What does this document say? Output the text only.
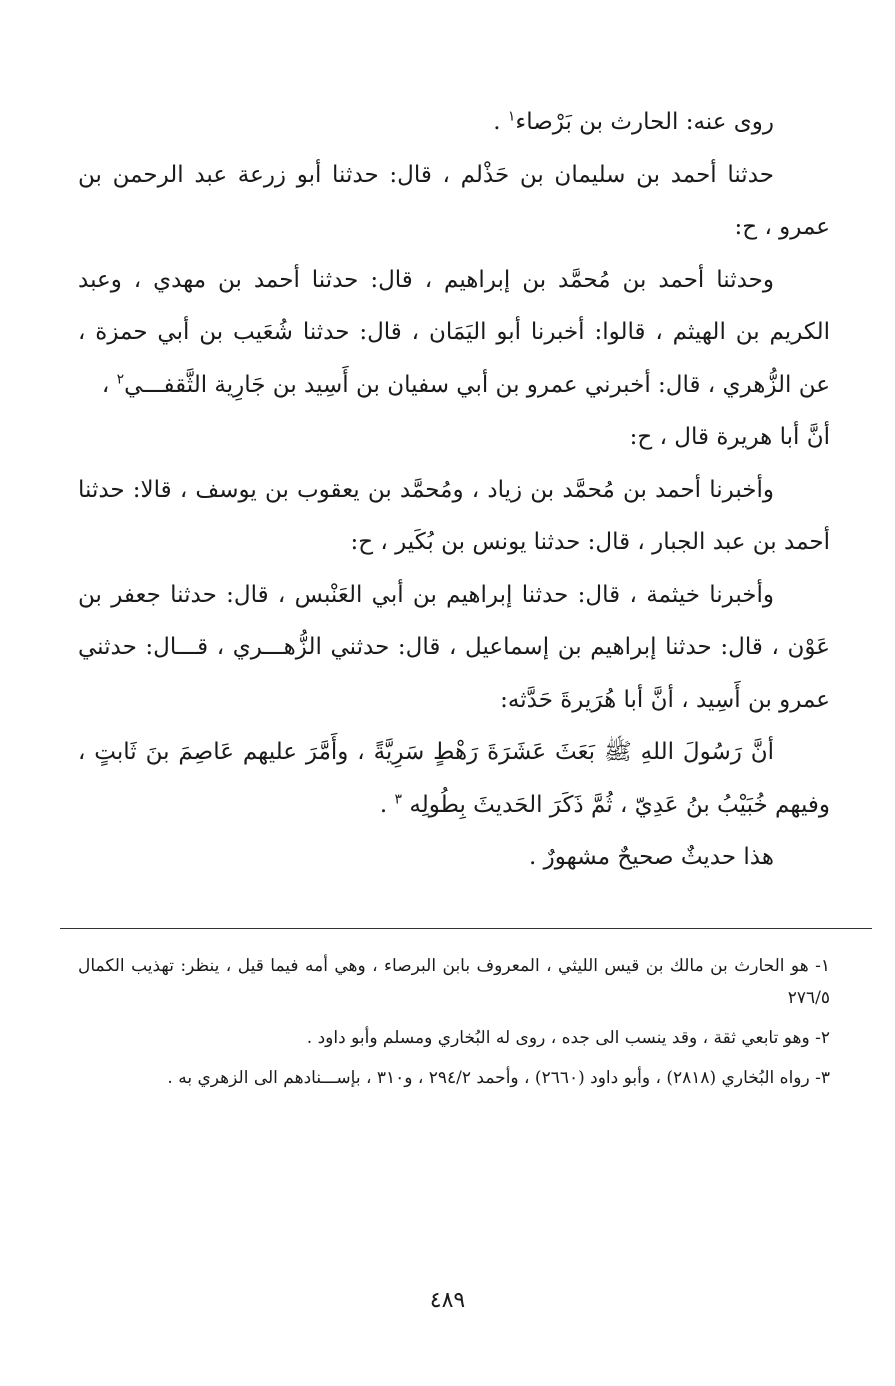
روى عنه: الحارث بن بَرْصاء$^١$ .

حدثنا أحمد بن سليمان بن حَذْلم ، قال: حدثنا أبو زرعة عبد الرحمن بن عمرو ، ح:

وحدثنا أحمد بن مُحمَّد بن إبراهيم ، قال: حدثنا أحمد بن مهدي ، وعبد الكريم بن الهيثم ، قالوا: أخبرنا أبو اليَمَان ، قال: حدثنا شُعَيب بن أبي حمزة ، عن الزُّهري ، قال: أخبرني عمرو بن أبي سفيان بن أَسِيد بن جَارِية الثَّقفـــي$^٢$ ،

أنَّ أبا هريرة قال ، ح:

وأخبرنا أحمد بن مُحمَّد بن زياد ، ومُحمَّد بن يعقوب بن يوسف ، قالا: حدثنا أحمد بن عبد الجبار ، قال: حدثنا يونس بن بُكَير ، ح:

وأخبرنا خيثمة ، قال: حدثنا إبراهيم بن أبي العَنْبس ، قال: حدثنا جعفر بن عَوْن ، قال: حدثنا إبراهيم بن إسماعيل ، قال: حدثني الزُّهـــري ، قـــال: حدثني عمرو بن أَسِيد ، أنَّ أبا هُرَيرةَ حَدَّثه:

أنَّ رَسُولَ اللهِ ﷺ بَعَثَ عَشَرَةَ رَهْطٍ سَرِيَّةً ، وأَمَّرَ عليهم عَاصِمَ بنَ ثَابتٍ ، وفيهم خُبَيْبُ بنُ عَدِيّ ، ثُمَّ ذَكَرَ الحَديثَ بِطُولِه $^٣$ .

هذا حديثٌ صحيحٌ مشهورٌ .

١- هو الحارث بن مالك بن قيس الليثي ، المعروف بابن البرصاء ، وهي أمه فيما قيل ، ينظر: تهذيب الكمال ٢٧٦/٥

٢- وهو تابعي ثقة ، وقد ينسب الى جده ، روى له البُخاري ومسلم وأبو داود .

٣- رواه البُخاري (٢٨١٨) ، وأبو داود (٢٦٦٠) ، وأحمد ٢٩٤/٢ ، و٣١٠ ، بإســـنادهم الى الزهري به .

٤٨٩
